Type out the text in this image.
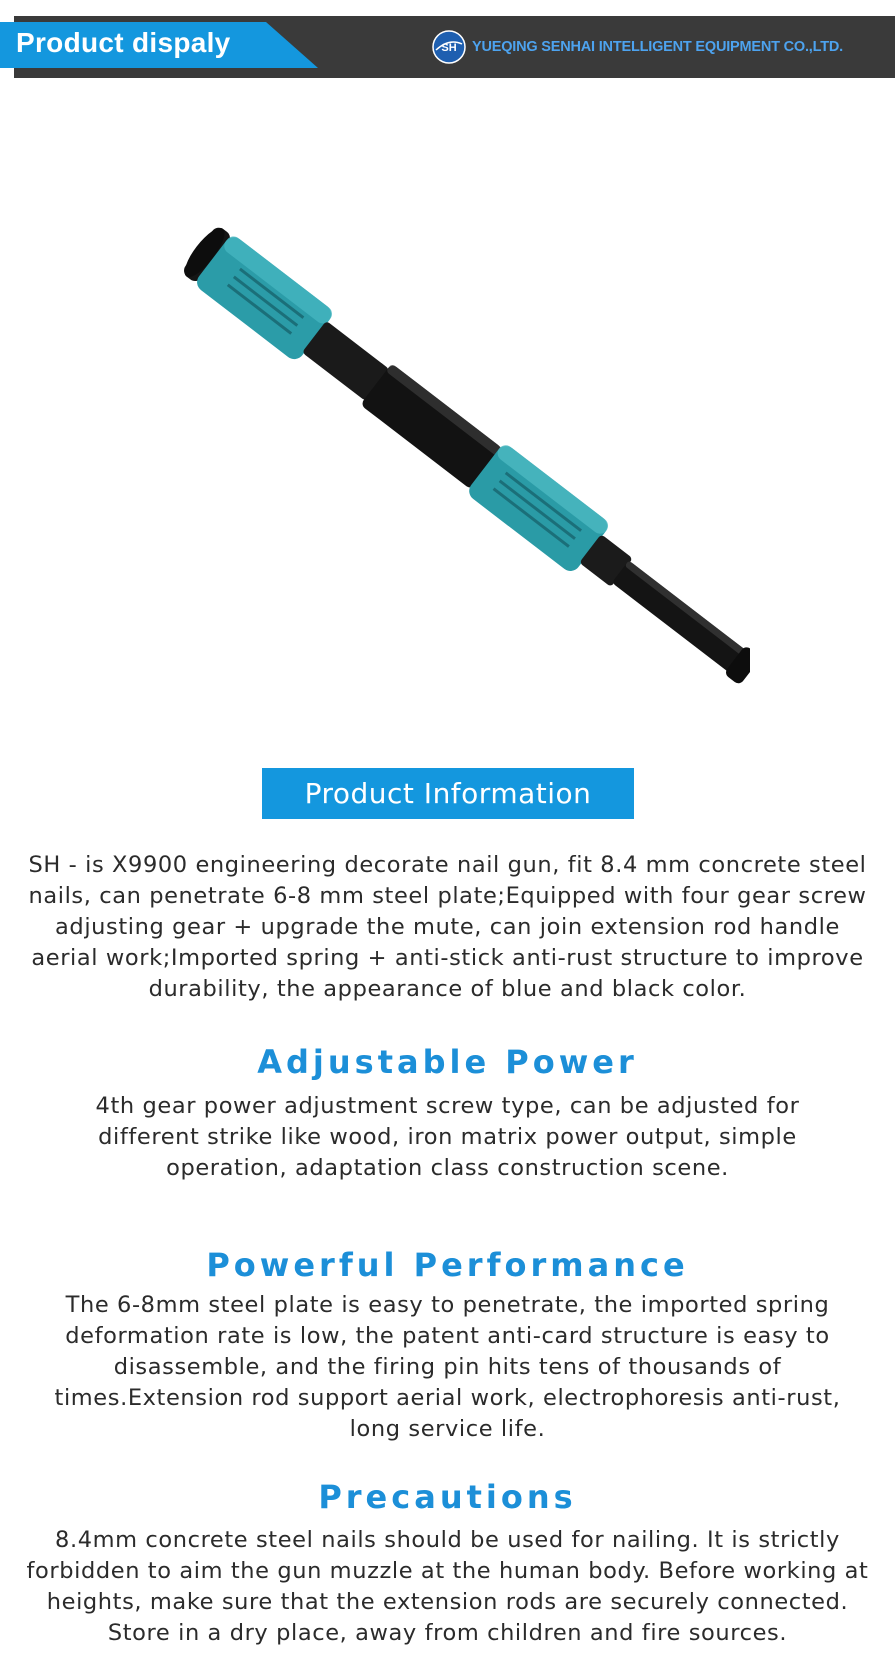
Product dispaly	SH YUEQING SENHAI INTELLIGENT EQUIPMENT CO.,LTD.
Product Information
SH - is X9900 engineering decorate nail gun, fit 8.4 mm concrete steel nails, can penetrate 6-8 mm steel plate;Equipped with four gear screw adjusting gear + upgrade the mute, can join extension rod handle aerial work;Imported spring + anti-stick anti-rust structure to improve durability, the appearance of blue and black color.
Adjustable Power
4th gear power adjustment screw type, can be adjusted for different strike like wood, iron matrix power output, simple operation, adaptation class construction scene.
Powerful Performance
The 6-8mm steel plate is easy to penetrate, the imported spring deformation rate is low, the patent anti-card structure is easy to disassemble, and the firing pin hits tens of thousands of times.Extension rod support aerial work, electrophoresis anti-rust, long service life.
Precautions
8.4mm concrete steel nails should be used for nailing. It is strictly forbidden to aim the gun muzzle at the human body. Before working at heights, make sure that the extension rods are securely connected. Store in a dry place, away from children and fire sources.
